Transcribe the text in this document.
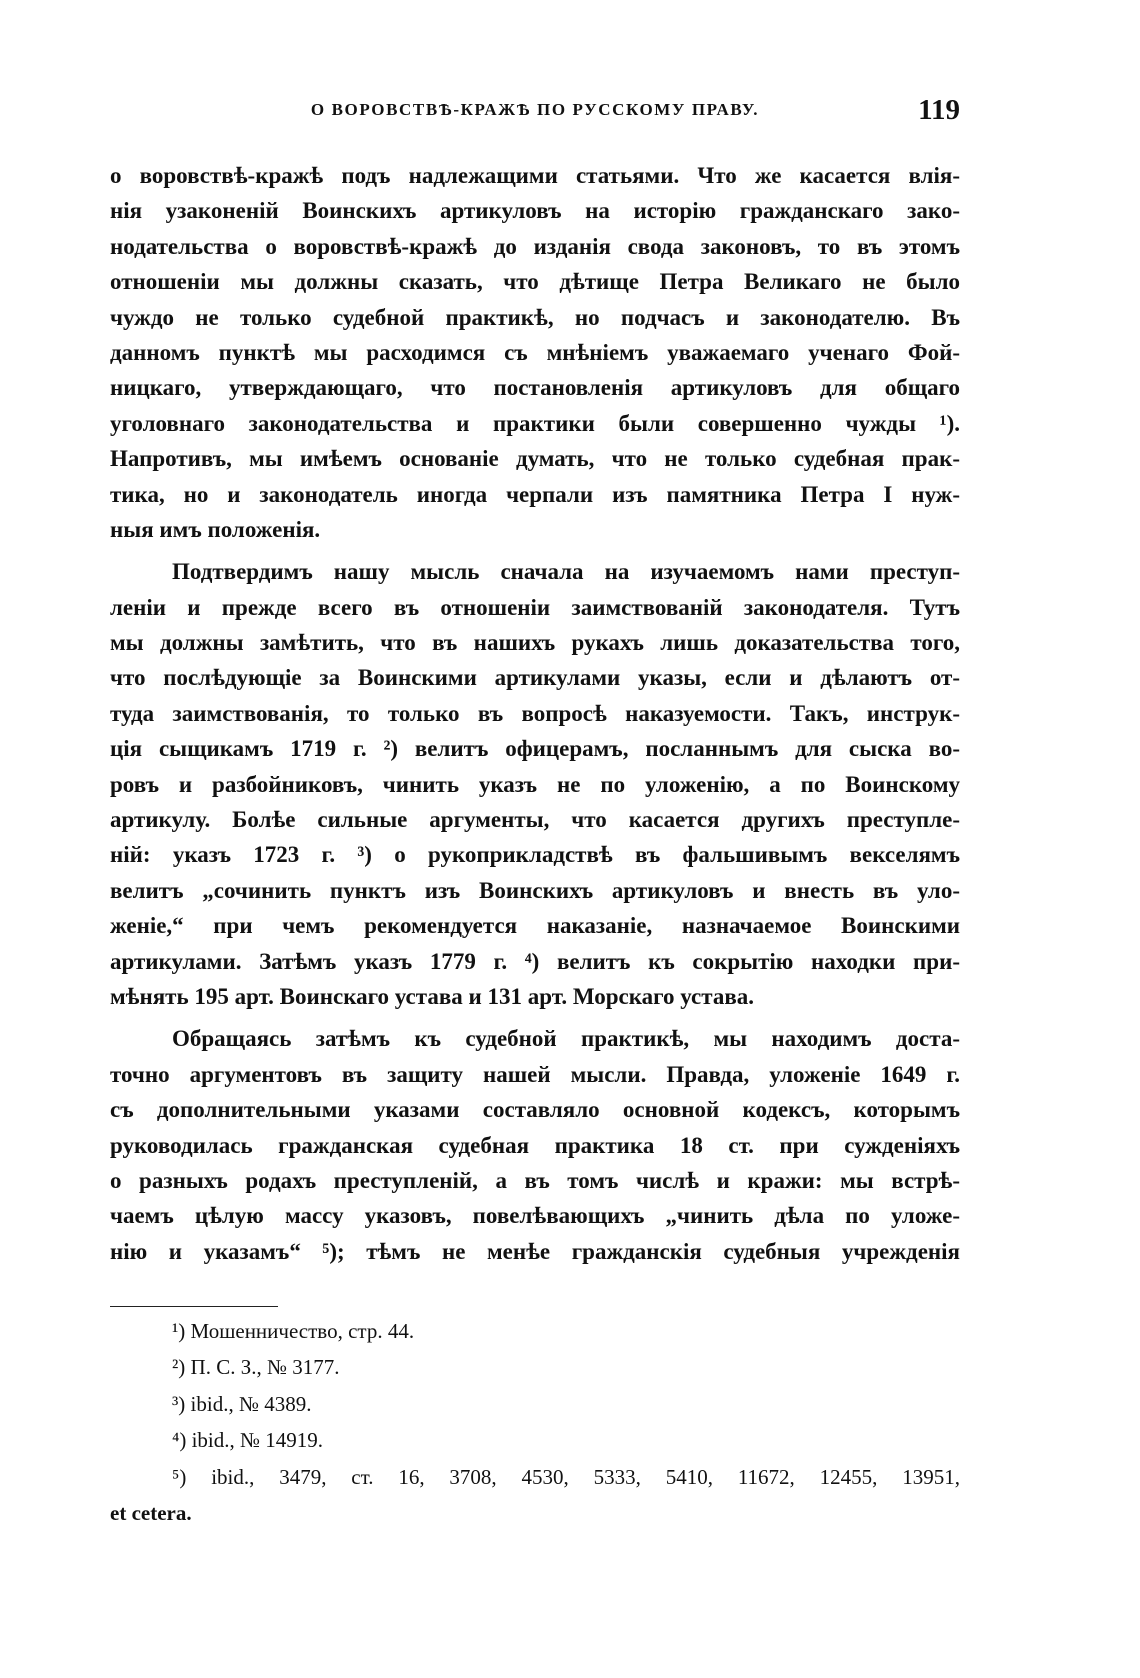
О ВОРОВСТВѢ-КРАЖѢ ПО РУССКОМУ ПРАВУ.	119
о воровствѣ-кражѣ подъ надлежащими статьями. Что же касается влія-
нія узаконеній Воинскихъ артикуловъ на исторію гражданскаго зако-
нодательства о воровствѣ-кражѣ до изданія свода законовъ, то въ этомъ
отношеніи мы должны сказать, что дѣтище Петра Великаго не было
чуждо не только судебной практикѣ, но подчасъ и законодателю. Въ
данномъ пунктѣ мы расходимся съ мнѣніемъ уважаемаго ученаго Фой-
ницкаго, утверждающаго, что постановленія артикуловъ для общаго
уголовнаго законодательства и практики были совершенно чужды ¹).
Напротивъ, мы имѣемъ основаніе думать, что не только судебная прак-
тика, но и законодатель иногда черпали изъ памятника Петра I нуж-
ныя имъ положенія.
Подтвердимъ нашу мысль сначала на изучаемомъ нами преступ-
леніи и прежде всего въ отношеніи заимствованій законодателя. Тутъ
мы должны замѣтить, что въ нашихъ рукахъ лишь доказательства того,
что послѣдующіе за Воинскими артикулами указы, если и дѣлаютъ от-
туда заимствованія, то только въ вопросѣ наказуемости. Такъ, инструк-
ція сыщикамъ 1719 г. ²) велитъ офицерамъ, посланнымъ для сыска во-
ровъ и разбойниковъ, чинить указъ не по уложенію, а по Воинскому
артикулу. Болѣе сильные аргументы, что касается другихъ преступле-
ній: указъ 1723 г. ³) о рукоприкладствѣ въ фальшивымъ векселямъ
велитъ „сочинить пунктъ изъ Воинскихъ артикуловъ и внесть въ уло-
женіе,“ при чемъ рекомендуется наказаніе, назначаемое Воинскими
артикулами. Затѣмъ указъ 1779 г. ⁴) велитъ къ сокрытію находки при-
мѣнять 195 арт. Воинскаго устава и 131 арт. Морскаго устава.
Обращаясь затѣмъ къ судебной практикѣ, мы находимъ доста-
точно аргументовъ въ защиту нашей мысли. Правда, уложеніе 1649 г.
съ дополнительными указами составляло основной кодексъ, которымъ
руководилась гражданская судебная практика 18 ст. при сужденіяхъ
о разныхъ родахъ преступленій, а въ томъ числѣ и кражи: мы встрѣ-
чаемъ цѣлую массу указовъ, повелѣвающихъ „чинить дѣла по уложе-
нію и указамъ“ ⁵); тѣмъ не менѣе гражданскія судебныя учрежденія
¹) Мошенничество, стр. 44.
²) П. С. З., № 3177.
³) ibid., № 4389.
⁴) ibid., № 14919.
⁵) ibid., 3479, ст. 16, 3708, 4530, 5333, 5410, 11672, 12455, 13951,
et cetera.
